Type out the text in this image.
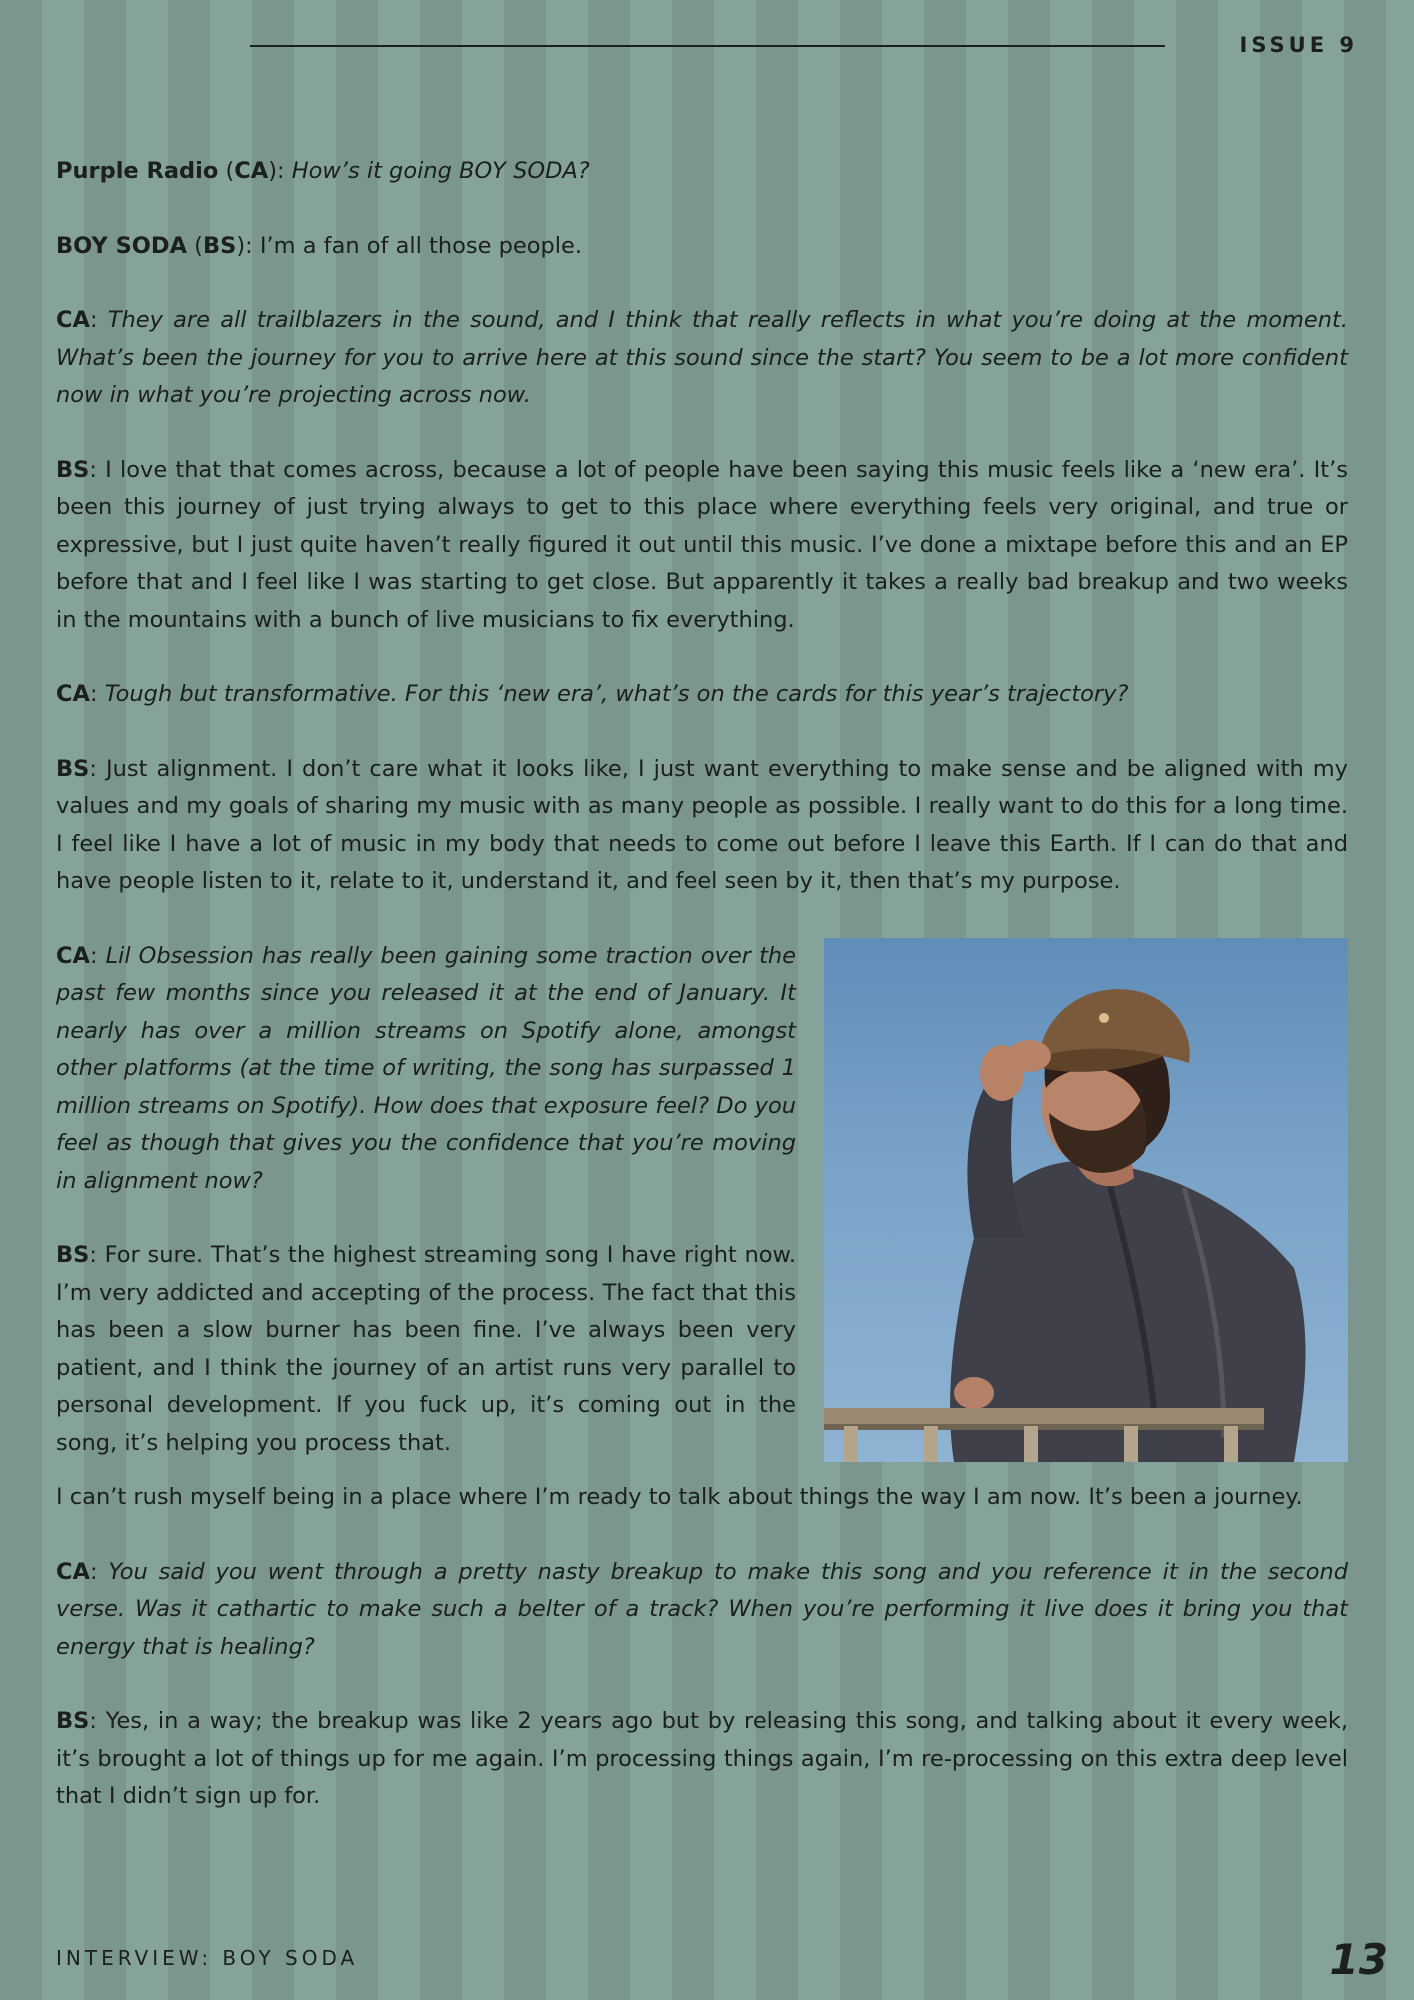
ISSUE 9

Purple Radio (CA): How’s it going BOY SODA?

BOY SODA (BS): I’m a fan of all those people.

CA: They are all trailblazers in the sound, and I think that really reflects in what you’re doing at the moment. What’s been the journey for you to arrive here at this sound since the start? You seem to be a lot more confident now in what you’re projecting across now.

BS: I love that that comes across, because a lot of people have been saying this music feels like a ‘new era’. It’s been this journey of just trying always to get to this place where everything feels very original, and true or expressive, but I just quite haven’t really figured it out until this music. I’ve done a mixtape before this and an EP before that and I feel like I was starting to get close. But apparently it takes a really bad breakup and two weeks in the mountains with a bunch of live musicians to fix everything.

CA: Tough but transformative. For this ‘new era’, what’s on the cards for this year’s trajectory?

BS: Just alignment. I don’t care what it looks like, I just want everything to make sense and be aligned with my values and my goals of sharing my music with as many people as possible. I really want to do this for a long time. I feel like I have a lot of music in my body that needs to come out before I leave this Earth. If I can do that and have people listen to it, relate to it, understand it, and feel seen by it, then that’s my purpose.

CA: Lil Obsession has really been gaining some traction over the past few months since you released it at the end of January. It nearly has over a million streams on Spotify alone, amongst other platforms (at the time of writing, the song has surpassed 1 million streams on Spotify). How does that exposure feel? Do you feel as though that gives you the confidence that you’re moving in alignment now?

BS: For sure. That’s the highest streaming song I have right now. I’m very addicted and accepting of the process. The fact that this has been a slow burner has been fine. I’ve always been very patient, and I think the journey of an artist runs very parallel to personal development. If you fuck up, it’s coming out in the song, it’s helping you process that.

I can’t rush myself being in a place where I’m ready to talk about things the way I am now. It’s been a journey.

CA: You said you went through a pretty nasty breakup to make this song and you reference it in the second verse. Was it cathartic to make such a belter of a track? When you’re performing it live does it bring you that energy that is healing?

BS: Yes, in a way; the breakup was like 2 years ago but by releasing this song, and talking about it every week, it’s brought a lot of things up for me again. I’m processing things again, I’m re-processing on this extra deep level that I didn’t sign up for.

INTERVIEW: BOY SODA	13
